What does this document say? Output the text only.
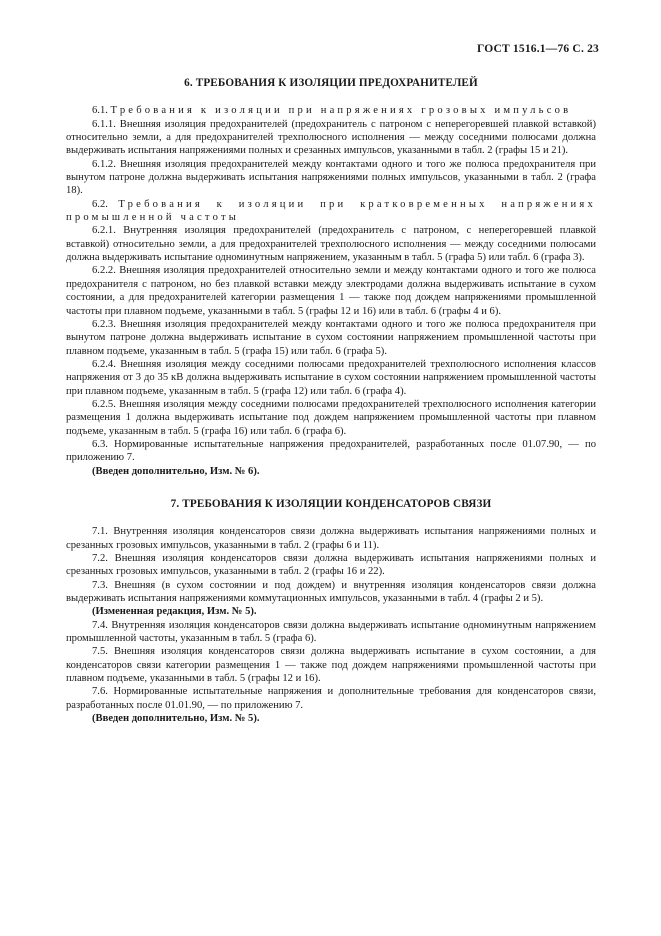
ГОСТ 1516.1—76 С. 23
6. ТРЕБОВАНИЯ К ИЗОЛЯЦИИ ПРЕДОХРАНИТЕЛЕЙ

6.1. Требования к изоляции при напряжениях грозовых импульсов

6.1.1. Внешняя изоляция предохранителей (предохранитель с патроном с неперегоревшей плавкой вставкой) относительно земли, а для предохранителей трехполюсного исполнения — между соседними полюсами должна выдерживать испытания напряжениями полных и срезанных импульсов, указанными в табл. 2 (графы 15 и 21).

6.1.2. Внешняя изоляция предохранителей между контактами одного и того же полюса предохранителя при вынутом патроне должна выдерживать испытания напряжениями полных импульсов, указанными в табл. 2 (графа 18).

6.2. Требования к изоляции при кратковременных напряжениях промышленной частоты

6.2.1. Внутренняя изоляция предохранителей (предохранитель с патроном, с неперегоревшей плавкой вставкой) относительно земли, а для предохранителей трехполюсного исполнения — между соседними полюсами должна выдерживать испытание одноминутным напряжением, указанным в табл. 5 (графа 5) или табл. 6 (графа 3).

6.2.2. Внешняя изоляция предохранителей относительно земли и между контактами одного и того же полюса предохранителя с патроном, но без плавкой вставки между электродами должна выдерживать испытание в сухом состоянии, а для предохранителей категории размещения 1 — также под дождем напряжениями промышленной частоты при плавном подъеме, указанными в табл. 5 (графы 12 и 16) или в табл. 6 (графы 4 и 6).

6.2.3. Внешняя изоляция предохранителей между контактами одного и того же полюса предохранителя при вынутом патроне должна выдерживать испытание в сухом состоянии напряжением промышленной частоты при плавном подъеме, указанным в табл. 5 (графа 15) или табл. 6 (графа 5).

6.2.4. Внешняя изоляция между соседними полюсами предохранителей трехполюсного исполнения классов напряжения от 3 до 35 кВ должна выдерживать испытание в сухом состоянии напряжением промышленной частоты при плавном подъеме, указанным в табл. 5 (графа 12) или табл. 6 (графа 4).

6.2.5. Внешняя изоляция между соседними полюсами предохранителей трехполюсного исполнения категории размещения 1 должна выдерживать испытание под дождем напряжением промышленной частоты при плавном подъеме, указанным в табл. 5 (графа 16) или табл. 6 (графа 6).

6.3. Нормированные испытательные напряжения предохранителей, разработанных после 01.07.90, — по приложению 7.

(Введен дополнительно, Изм. № 6).

7. ТРЕБОВАНИЯ К ИЗОЛЯЦИИ КОНДЕНСАТОРОВ СВЯЗИ

7.1. Внутренняя изоляция конденсаторов связи должна выдерживать испытания напряжениями полных и срезанных грозовых импульсов, указанными в табл. 2 (графы 6 и 11).

7.2. Внешняя изоляция конденсаторов связи должна выдерживать испытания напряжениями полных и срезанных грозовых импульсов, указанными в табл. 2 (графы 16 и 22).

7.3. Внешняя (в сухом состоянии и под дождем) и внутренняя изоляция конденсаторов связи должна выдерживать испытания напряжениями коммутационных импульсов, указанными в табл. 4 (графы 2 и 5).

(Измененная редакция, Изм. № 5).

7.4. Внутренняя изоляция конденсаторов связи должна выдерживать испытание одноминутным напряжением промышленной частоты, указанным в табл. 5 (графа 6).

7.5. Внешняя изоляция конденсаторов связи должна выдерживать испытание в сухом состоянии, а для конденсаторов связи категории размещения 1 — также под дождем напряжениями промышленной частоты при плавном подъеме, указанными в табл. 5 (графы 12 и 16).

7.6. Нормированные испытательные напряжения и дополнительные требования для конденсаторов связи, разработанных после 01.01.90, — по приложению 7.

(Введен дополнительно, Изм. № 5).
